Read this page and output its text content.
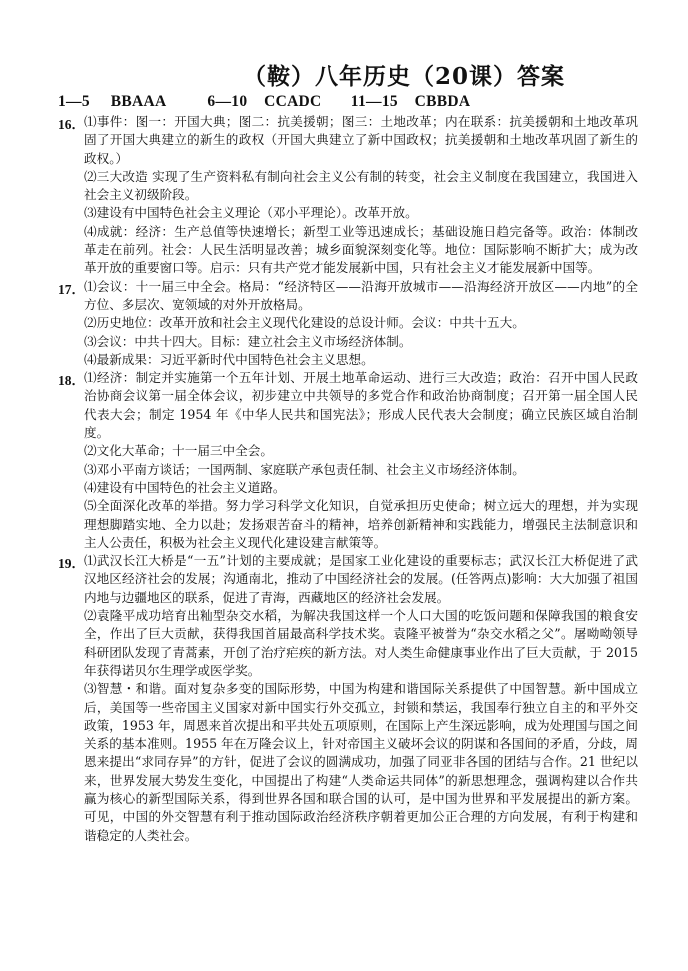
（鞍）八年历史（20课）答案
1—5     BBAAA          6—10    CCADC       11—15    CBBDA
16． ⑴事件：图一：开国大典；图二：抗美援朝；图三：土地改革；内在联系：抗美援朝和土地改革巩固了开国大典建立的新生的政权（开国大典建立了新中国政权；抗美援朝和土地改革巩固了新生的政权。）

⑵三大改造 实现了生产资料私有制向社会主义公有制的转变，社会主义制度在我国建立，我国进入社会主义初级阶段。

⑶建设有中国特色社会主义理论（邓小平理论）。改革开放。

⑷成就：经济：生产总值等快速增长；新型工业等迅速成长；基础设施日趋完备等。政治：体制改革走在前列。社会：人民生活明显改善；城乡面貌深刻变化等。地位：国际影响不断扩大；成为改革开放的重要窗口等。启示：只有共产党才能发展新中国，只有社会主义才能发展新中国等。

17． ⑴会议：十一届三中全会。格局：“经济特区——沿海开放城市——沿海经济开放区——内地”的全方位、多层次、宽领域的对外开放格局。

⑵历史地位：改革开放和社会主义现代化建设的总设计师。会议：中共十五大。

⑶会议：中共十四大。目标：建立社会主义市场经济体制。

⑷最新成果：习近平新时代中国特色社会主义思想。

18． ⑴经济：制定并实施第一个五年计划、开展土地革命运动、进行三大改造；政治：召开中国人民政治协商会议第一届全体会议，初步建立中共领导的多党合作和政治协商制度；召开第一届全国人民代表大会；制定 1954 年《中华人民共和国宪法》；形成人民代表大会制度；确立民族区域自治制度。

⑵文化大革命；十一届三中全会。

⑶邓小平南方谈话；一国两制、家庭联产承包责任制、社会主义市场经济体制。

⑷建设有中国特色的社会主义道路。

⑸全面深化改革的举措。努力学习科学文化知识，自觉承担历史使命；树立远大的理想，并为实现理想脚踏实地、全力以赴；发扬艰苦奋斗的精神，培养创新精神和实践能力，增强民主法制意识和主人公责任，积极为社会主义现代化建设建言献策等。

19． ⑴武汉长江大桥是“一五”计划的主要成就；是国家工业化建设的重要标志；武汉长江大桥促进了武汉地区经济社会的发展；沟通南北，推动了中国经济社会的发展。(任答两点)影响：大大加强了祖国内地与边疆地区的联系，促进了青海，西藏地区的经济社会发展。

⑵袁隆平成功培育出籼型杂交水稻，为解决我国这样一个人口大国的吃饭问题和保障我国的粮食安全，作出了巨大贡献，获得我国首届最高科学技术奖。袁隆平被誉为“杂交水稻之父”。屠呦呦领导科研团队发现了青蒿素，开创了治疗疟疾的新方法。对人类生命健康事业作出了巨大贡献，于 2015 年获得诺贝尔生理学或医学奖。

⑶智慧・和谐。面对复杂多变的国际形势，中国为构建和谐国际关系提供了中国智慧。新中国成立后，美国等一些帝国主义国家对新中国实行外交孤立，封锁和禁运，我国奉行独立自主的和平外交政策，1953 年，周恩来首次提出和平共处五项原则，在国际上产生深远影响，成为处理国与国之间关系的基本准则。1955 年在万隆会议上，针对帝国主义破坏会议的阴谋和各国间的矛盾，分歧，周恩来提出“求同存异”的方针，促进了会议的圆满成功，加强了同亚非各国的团结与合作。21 世纪以来，世界发展大势发生变化，中国提出了构建“人类命运共同体”的新思想理念，强调构建以合作共赢为核心的新型国际关系，得到世界各国和联合国的认可，是中国为世界和平发展提出的新方案。可见，中国的外交智慧有利于推动国际政治经济秩序朝着更加公正合理的方向发展，有利于构建和谐稳定的人类社会。
